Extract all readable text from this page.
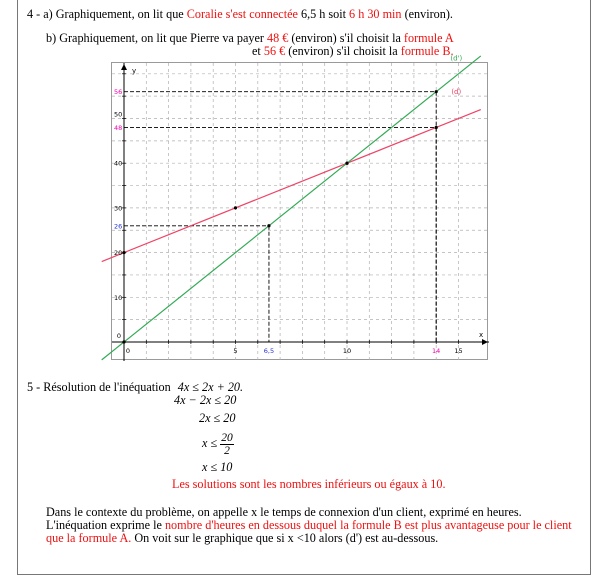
4 - a) Graphiquement, on lit que Coralie s'est connectée 6,5 h soit 6 h 30 min (environ).
b) Graphiquement, on lit que Pierre va payer 48 € (environ) s'il choisit la formule A
et 56 € (environ) s'il choisit la formule B.
(d)
(d')
0	5	6,5	10	14 15
10
20
26
30
40
48
50
56
y
x
0
5 - Résolution de l'inéquation 4x ≤ 2x + 20.
4x − 2x ≤ 20
2x ≤ 20
$x \le \frac{20}{2}$
x ≤ 10
Les solutions sont les nombres inférieurs ou égaux à 10.
Dans le contexte du problème, on appelle x le temps de connexion d'un client, exprimé en heures.
L'inéquation exprime le nombre d'heures en dessous duquel la formule B est plus avantageuse pour le client
que la formule A. On voit sur le graphique que si x <10 alors (d') est au-dessous.
